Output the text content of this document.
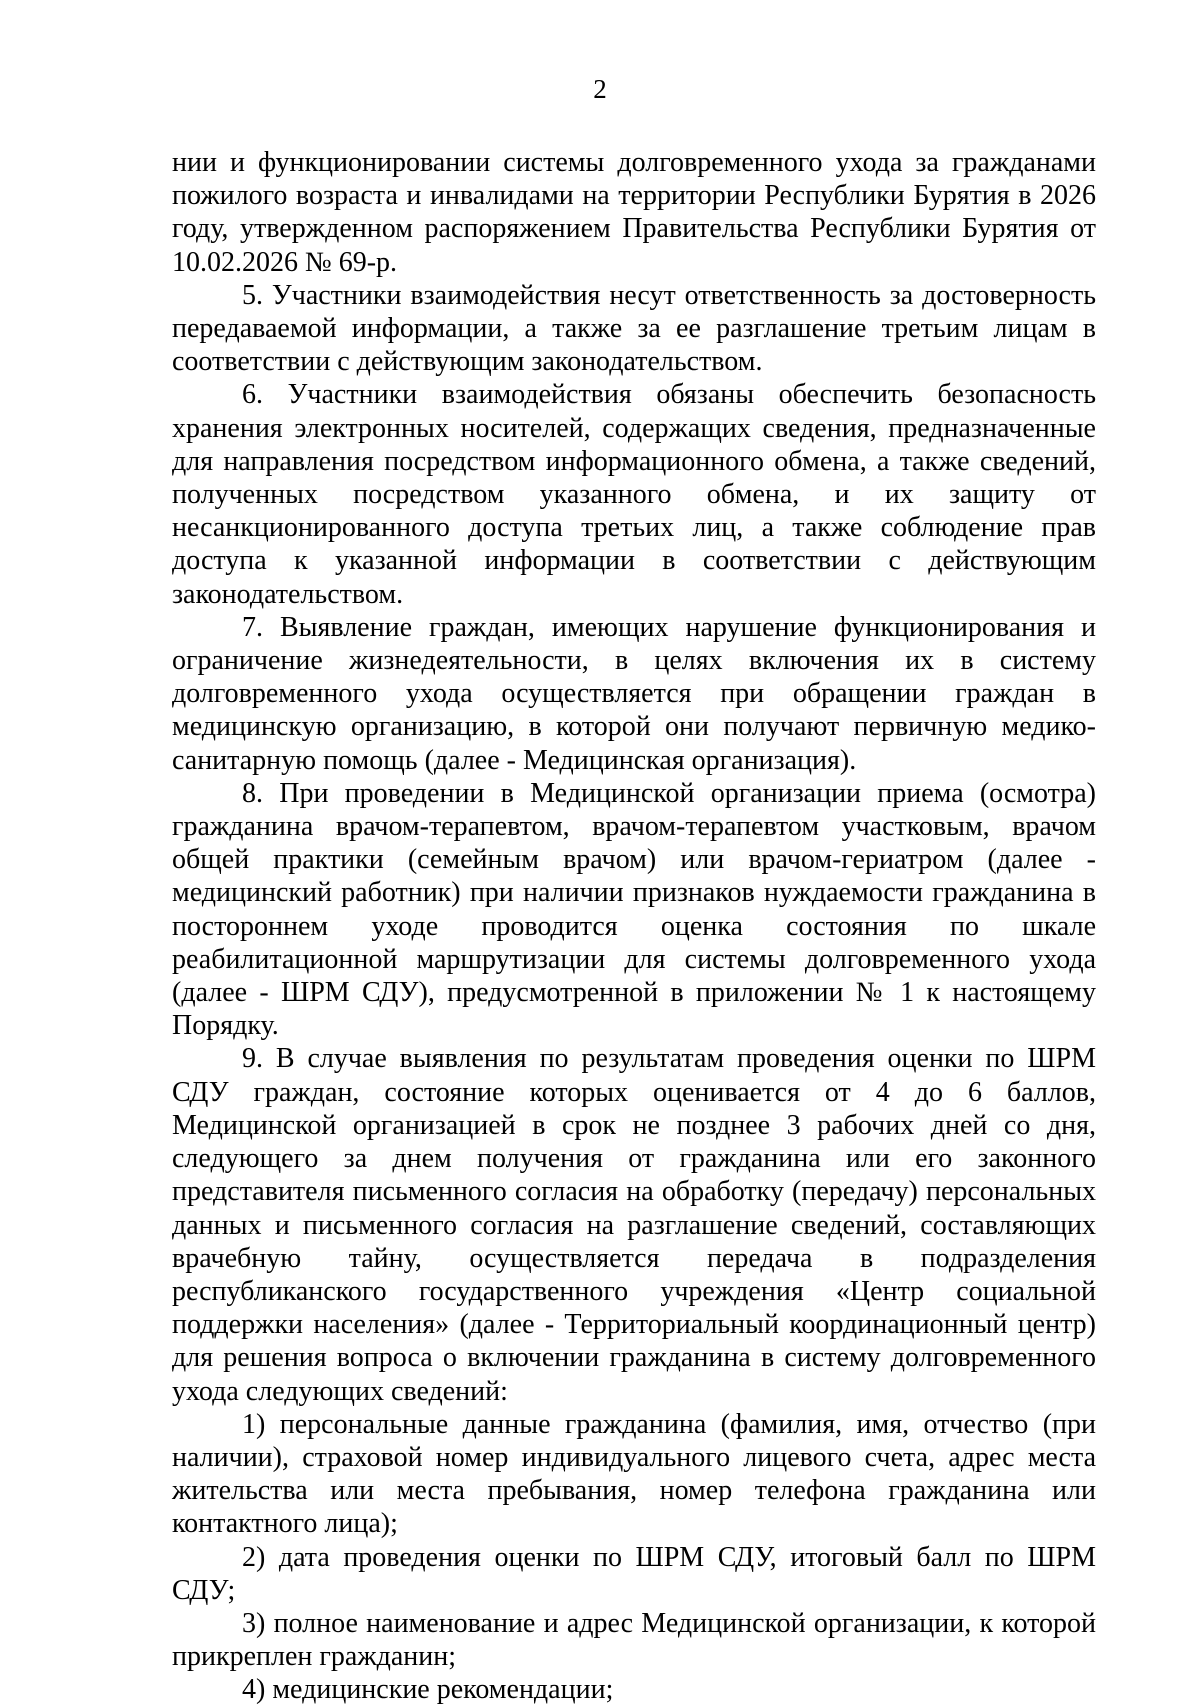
2

нии и функционировании системы долговременного ухода за гражданами пожилого возраста и инвалидами на территории Республики Бурятия в 2026 году, утвержденном распоряжением Правительства Республики Бурятия от 10.02.2026 № 69-р.

5. Участники взаимодействия несут ответственность за достоверность передаваемой информации, а также за ее разглашение третьим лицам в соответствии с действующим законодательством.

6. Участники взаимодействия обязаны обеспечить безопасность хранения электронных носителей, содержащих сведения, предназначенные для направления посредством информационного обмена, а также сведений, полученных посредством указанного обмена, и их защиту от несанкционированного доступа третьих лиц, а также соблюдение прав доступа к указанной информации в соответствии с действующим законодательством.

7. Выявление граждан, имеющих нарушение функционирования и ограничение жизнедеятельности, в целях включения их в систему долговременного ухода осуществляется при обращении граждан в медицинскую организацию, в которой они получают первичную медико-санитарную помощь (далее - Медицинская организация).

8. При проведении в Медицинской организации приема (осмотра) гражданина врачом-терапевтом, врачом-терапевтом участковым, врачом общей практики (семейным врачом) или врачом-гериатром (далее - медицинский работник) при наличии признаков нуждаемости гражданина в постороннем уходе проводится оценка состояния по шкале реабилитационной маршрутизации для системы долговременного ухода (далее - ШРМ СДУ), предусмотренной в приложении № 1 к настоящему Порядку.

9. В случае выявления по результатам проведения оценки по ШРМ СДУ граждан, состояние которых оценивается от 4 до 6 баллов, Медицинской организацией в срок не позднее 3 рабочих дней со дня, следующего за днем получения от гражданина или его законного представителя письменного согласия на обработку (передачу) персональных данных и письменного согласия на разглашение сведений, составляющих врачебную тайну, осуществляется передача в подразделения республиканского государственного учреждения «Центр социальной поддержки населения» (далее - Территориальный координационный центр) для решения вопроса о включении гражданина в систему долговременного ухода следующих сведений:

1) персональные данные гражданина (фамилия, имя, отчество (при наличии), страховой номер индивидуального лицевого счета, адрес места жительства или места пребывания, номер телефона гражданина или контактного лица);

2) дата проведения оценки по ШРМ СДУ, итоговый балл по ШРМ СДУ;

3) полное наименование и адрес Медицинской организации, к которой прикреплен гражданин;

4) медицинские рекомендации;
